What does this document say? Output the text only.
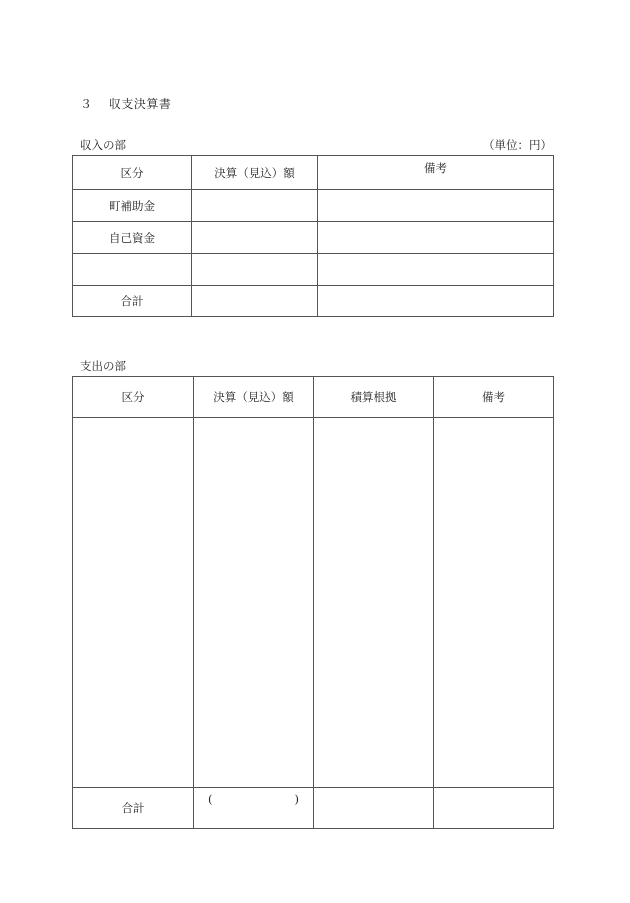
３ 収支決算書
収入の部	（単位：円）
区分	決算（見込）額	備考
町補助金		
自己資金		

合計		
支出の部
区分	決算（見込）額	積算根拠	備考

合計	( )		
